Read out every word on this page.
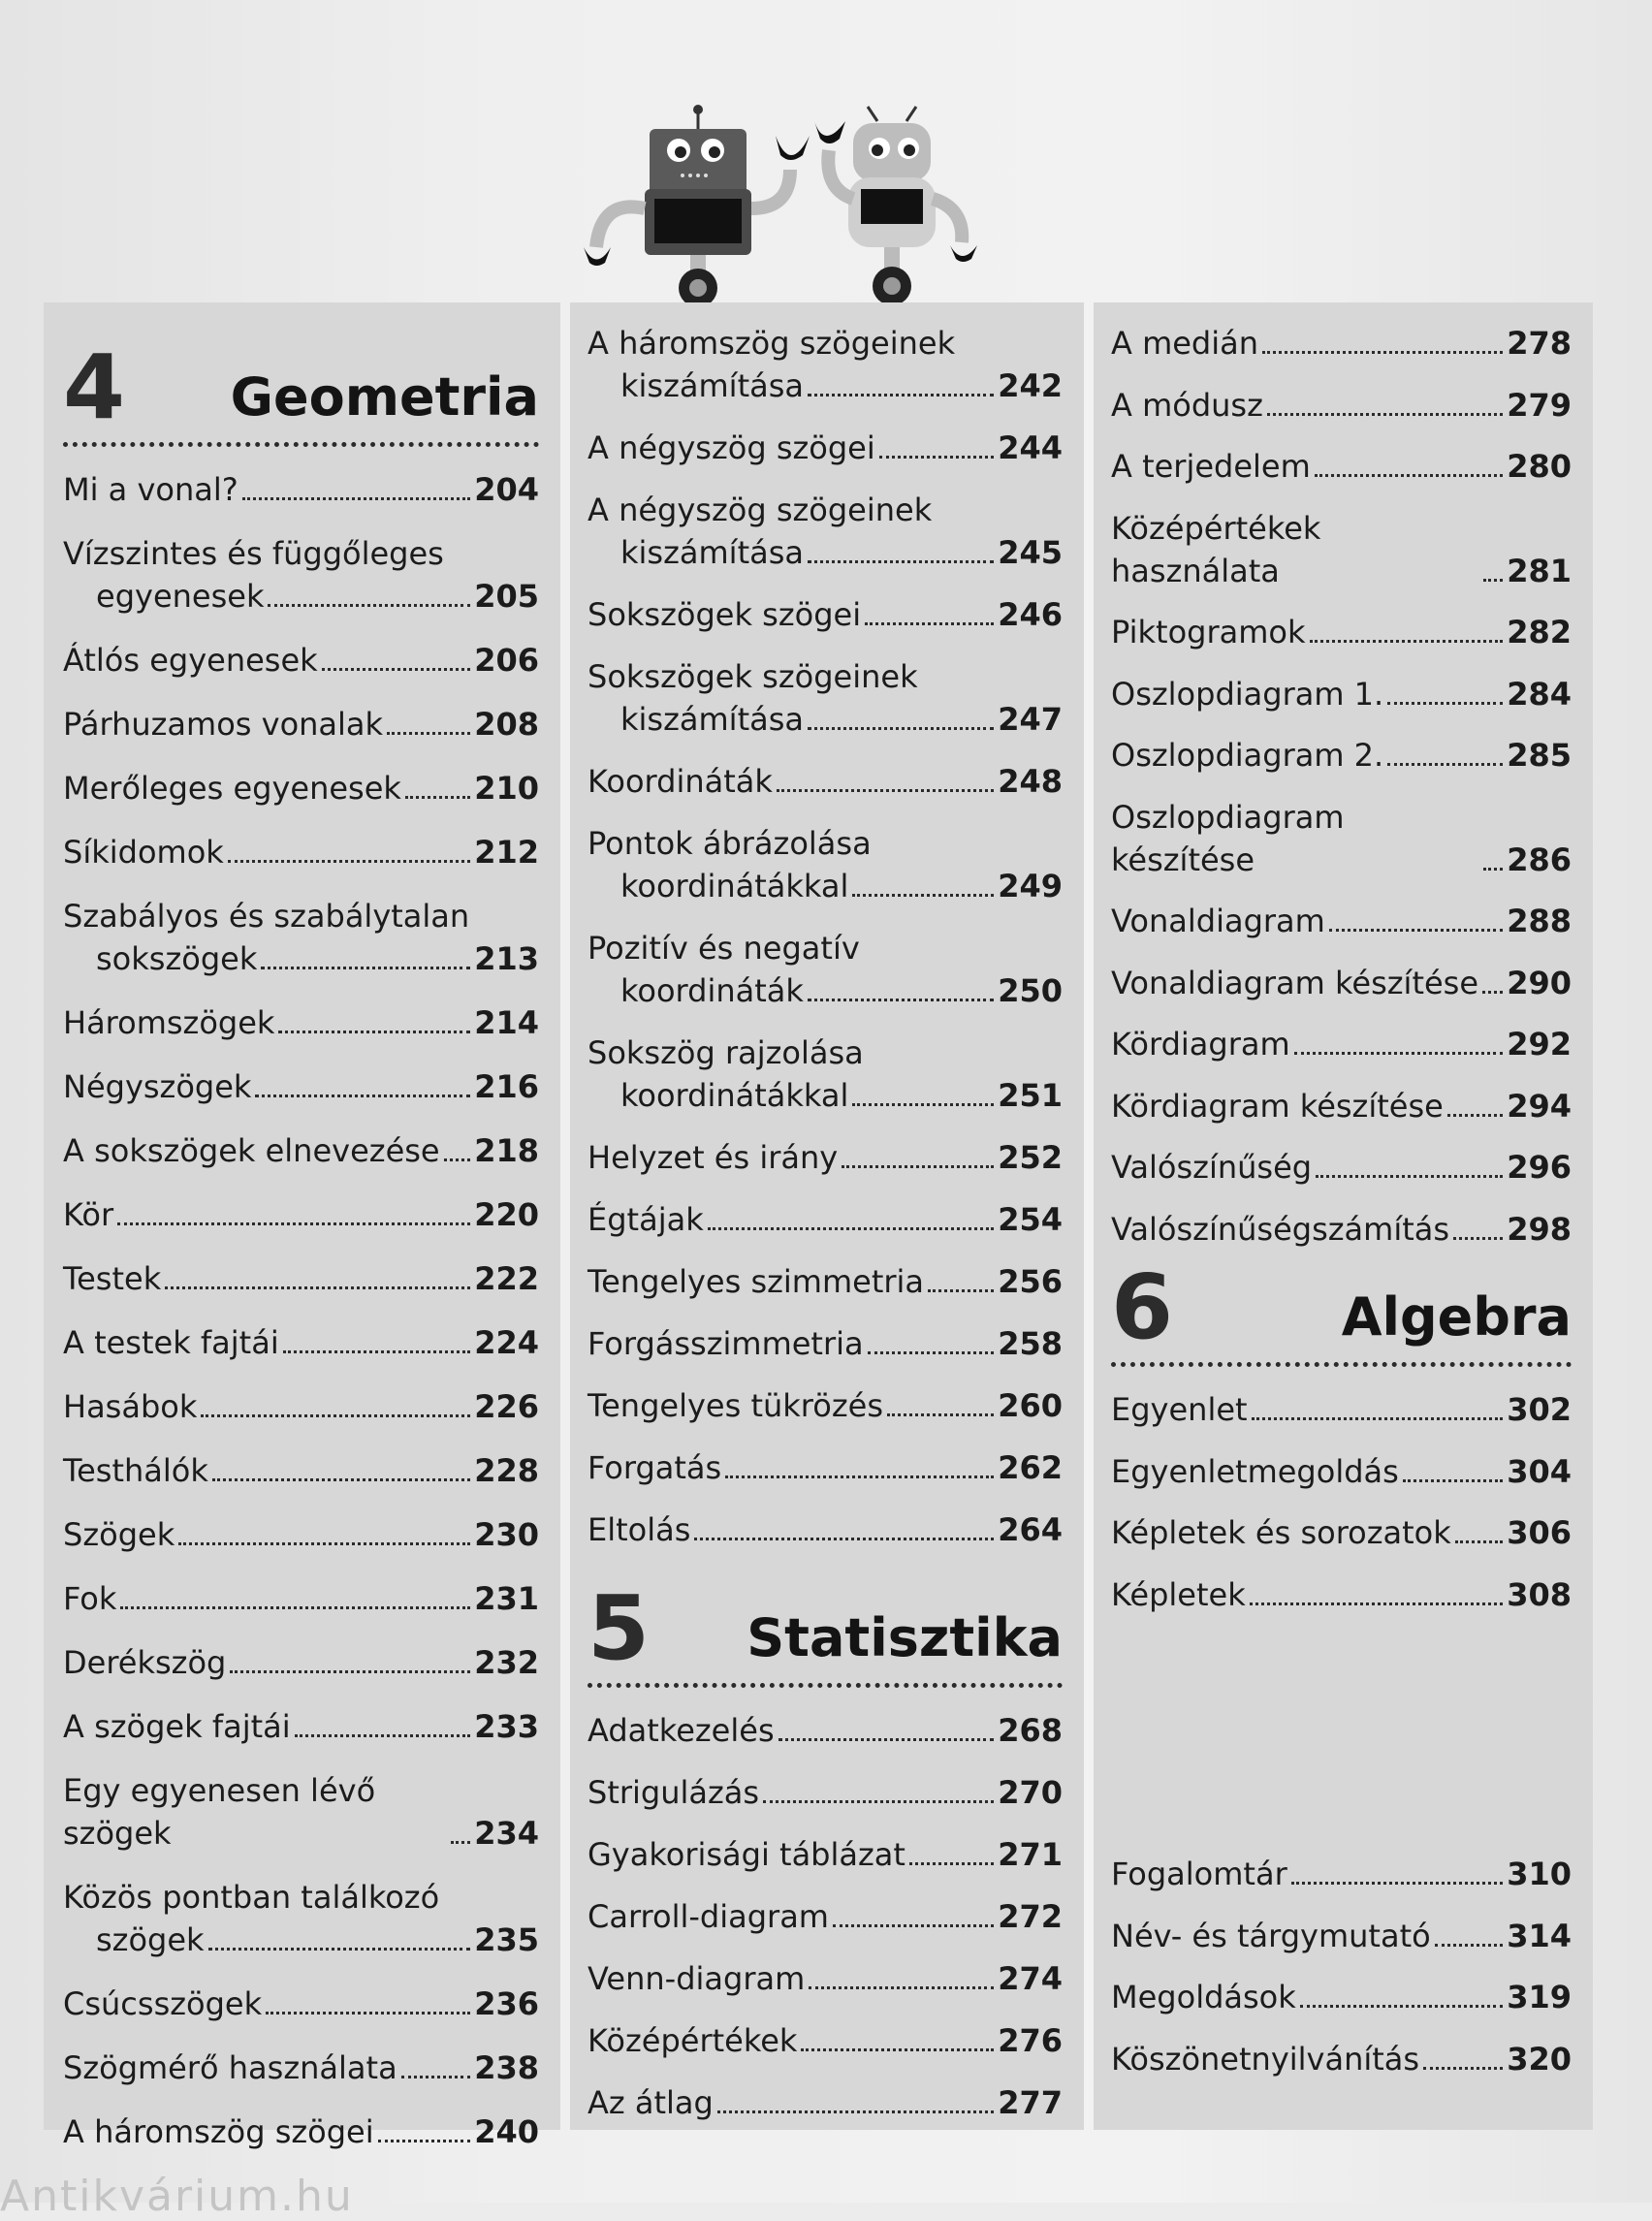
4 Geometria
Mi a vonal?	204
Vízszintes és függőleges
egyenesek	205
Átlós egyenesek	206
Párhuzamos vonalak	208
Merőleges egyenesek 210
Síkidomok	212
Szabályos és szabálytalan
sokszögek	213
Háromszögek	214
Négyszögek	216
A sokszögek elnevezése 218
Kör	220
Testek	222
A testek fajtái	224
Hasábok	226
Testhálók	228
Szögek	230
Fok	231
Derékszög	232
A szögek fajtái	233
Egy egyenesen lévő szögek	234
Közös pontban találkozó
szögek	235
Csúcsszögek	236
Szögmérő használata 238
A háromszög szögei	240
A háromszög szögeinek
kiszámítása	242
A négyszög szögei	244
A négyszög szögeinek
kiszámítása	245
Sokszögek szögei	246
Sokszögek szögeinek
kiszámítása	247
Koordináták	248
Pontok ábrázolása
koordinátákkal	249
Pozitív és negatív
koordináták	250
Sokszög rajzolása
koordinátákkal	251
Helyzet és irány	252
Égtájak	254
Tengelyes szimmetria 256
Forgásszimmetria	258
Tengelyes tükrözés	260
Forgatás	262
Eltolás	264
5 Statisztika
Adatkezelés	268
Strigulázás	270
Gyakorisági táblázat	271
Carroll-diagram	272
Venn-diagram	274
Középértékek	276
Az átlag	277
A medián	278
A módusz	279
A terjedelem	280
Középértékek használata	281
Piktogramok	282
Oszlopdiagram 1.	284
Oszlopdiagram 2.	285
Oszlopdiagram készítése	286
Vonaldiagram	288
Vonaldiagram készítése 290
Kördiagram	292
Kördiagram készítése 294
Valószínűség	296
Valószínűségszámítás 298
6	Algebra
Egyenlet	302
Egyenletmegoldás	304
Képletek és sorozatok 306
Képletek	308
Fogalomtár	310
Név- és tárgymutató 314
Megoldások	319
Köszönetnyilvánítás	320
Antikvárium.hu
